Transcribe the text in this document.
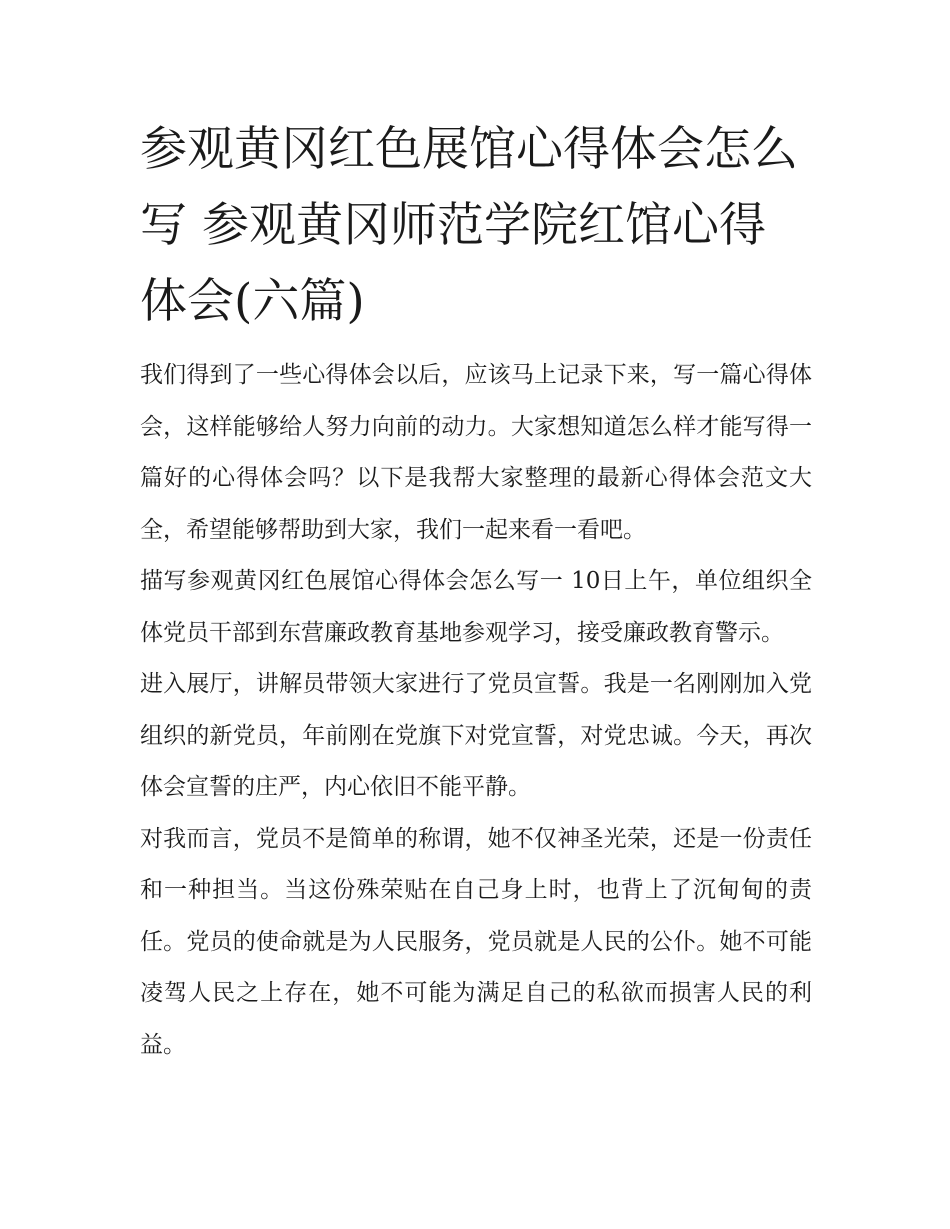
参观黄冈红色展馆心得体会怎么写 参观黄冈师范学院红馆心得体会(六篇)

我们得到了一些心得体会以后，应该马上记录下来，写一篇心得体会，这样能够给人努力向前的动力。大家想知道怎么样才能写得一篇好的心得体会吗？以下是我帮大家整理的最新心得体会范文大全，希望能够帮助到大家，我们一起来看一看吧。

描写参观黄冈红色展馆心得体会怎么写一 10日上午，单位组织全体党员干部到东营廉政教育基地参观学习，接受廉政教育警示。

进入展厅，讲解员带领大家进行了党员宣誓。我是一名刚刚加入党组织的新党员，年前刚在党旗下对党宣誓，对党忠诚。今天，再次体会宣誓的庄严，内心依旧不能平静。

对我而言，党员不是简单的称谓，她不仅神圣光荣，还是一份责任和一种担当。当这份殊荣贴在自己身上时，也背上了沉甸甸的责任。党员的使命就是为人民服务，党员就是人民的公仆。她不可能凌驾人民之上存在，她不可能为满足自己的私欲而损害人民的利益。
